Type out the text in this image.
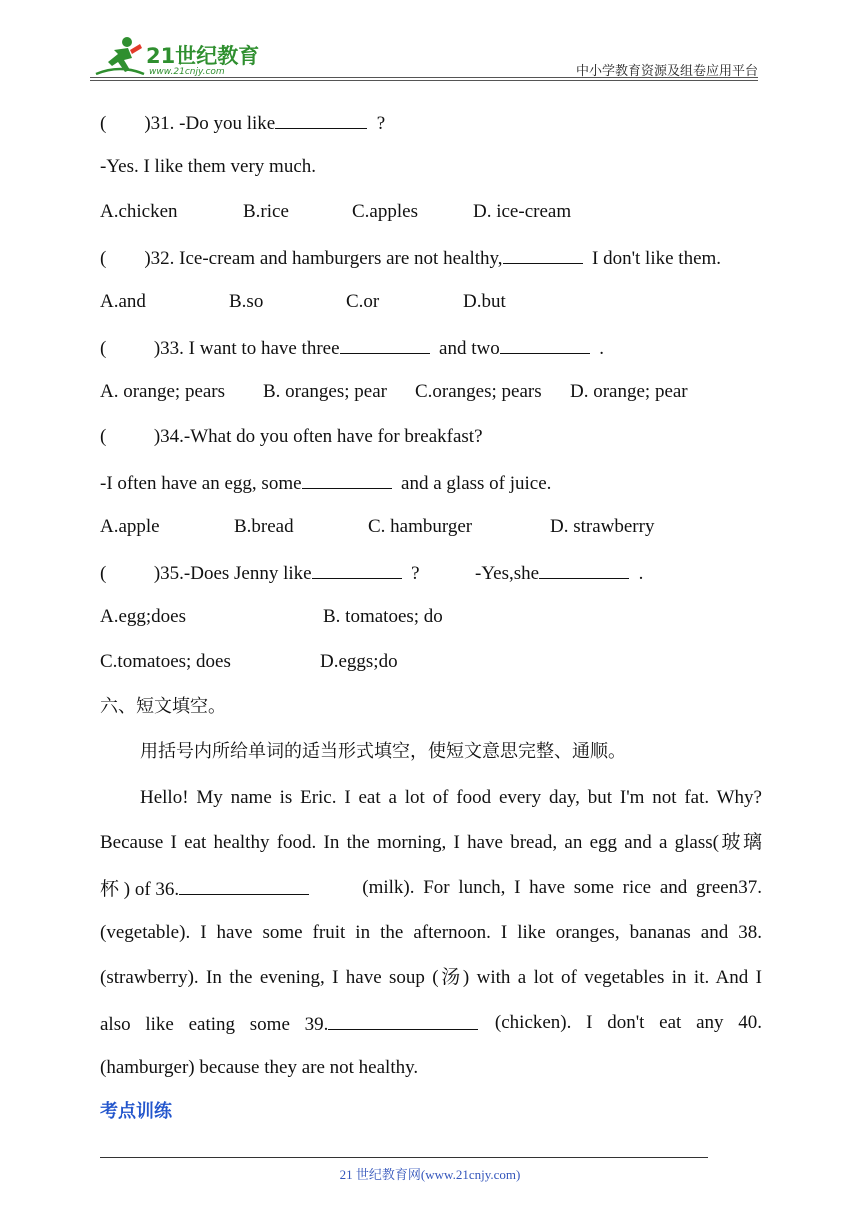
21世纪教育
www.21cnjy.com	中小学教育资源及组卷应用平台
(        )31. -Do you like	?
-Yes. I like them very much.
A.chicken	B.rice	C.apples	D. ice-cream
(        )32. Ice-cream and hamburgers are not healthy,	I don't like them.
A.and	B.so	C.or	D.but
(          )33. I want to have three	and two	.
A. orange; pears B. oranges; pear C.oranges; pears D. orange; pear
(          )34.-What do you often have for breakfast?
-I often have an egg, some	and a glass of juice.
A.apple	B.bread	C. hamburger	D. strawberry
(          )35.-Does Jenny like	?	-Yes,she	.
A.egg;does	B. tomatoes; do
C.tomatoes; does	D.eggs;do
六、短文填空。
用括号内所给单词的适当形式填空，使短文意思完整、通顺。
Hello! My name is Eric. I eat a lot of food every day, but I'm not fat. Why?
Because I eat healthy food. In the morning, I have bread, an egg and a glass(玻璃
杯 ) of 36.	(milk). For lunch, I have some rice and green37.
(vegetable). I have some fruit in the afternoon. I like oranges, bananas and 38.
(strawberry). In the evening, I have soup (汤) with a lot of vegetables in it. And I
also like eating some 39.	(chicken). I don't eat any 40.
(hamburger) because they are not healthy.
考点训练
21 世纪教育网(www.21cnjy.com)
